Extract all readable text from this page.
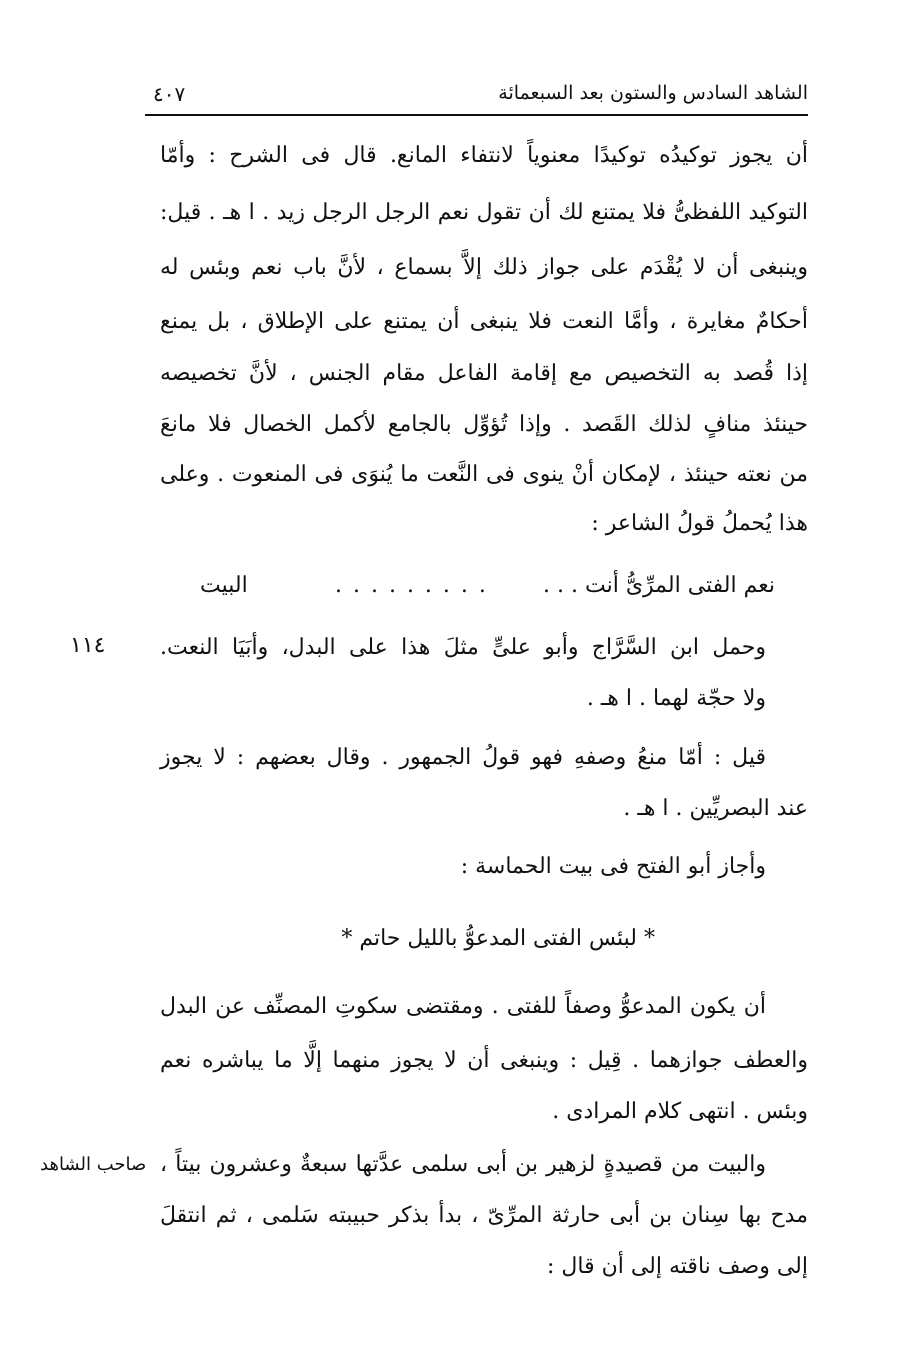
الشاهد السادس والستون بعد السبعمائة
٤٠٧
أن يجوز توكيدُه توكيدًا معنوياً لانتفاء المانع. قال فى الشرح : وأمّا
التوكيد اللفظىُّ فلا يمتنع لك أن تقول نعم الرجل الرجل زيد . ا هـ . قيل:
وينبغى أن لا يُقْدَم على جواز ذلك إلاَّ بسماع ، لأنَّ باب نعم وبئس له
أحكامٌ مغايرة ، وأمَّا النعت فلا ينبغى أن يمتنع على الإطلاق ، بل يمنع
إذا قُصد به التخصيص مع إقامة الفاعل مقام الجنس ، لأنَّ تخصيصه
حينئذ منافٍ لذلك القَصد . وإذا تُؤوِّل بالجامع لأكمل الخصال فلا مانعَ
من نعته حينئذ ، لإمكان أنْ ينوى فى النَّعت ما يُنوَى فى المنعوت . وعلى
هذا يُحملُ قولُ الشاعر :
نعم الفتى المرِّىُّ أنت . . .
. . . . . . . . .
البيت
وحمل ابن السَّرَّاج وأبو علىٍّ مثلَ هذا على البدل، وأبَيَا النعت.
ولا حجّة لهما . ا هـ .
١١٤
قيل : أمّا منعُ وصفهِ فهو قولُ الجمهور . وقال بعضهم : لا يجوز
عند البصريِّين . ا هـ .
وأجاز أبو الفتح فى بيت الحماسة :
* لبئس الفتى المدعوُّ بالليل حاتم *
أن يكون المدعوُّ وصفاً للفتى . ومقتضى سكوتِ المصنِّف عن البدل
والعطف جوازهما . قِيل : وينبغى أن لا يجوز منهما إلَّا ما يباشره نعم
وبئس . انتهى كلام المرادى .
والبيت من قصيدةٍ لزهير بن أبى سلمى عدَّتها سبعةٌ وعشرون بيتاً ،
مدح بها سِنان بن أبى حارثة المرِّىّ ، بدأ بذكر حبيبته سَلمى ، ثم انتقلَ
إلى وصف ناقته إلى أن قال :
صاحب الشاهد
